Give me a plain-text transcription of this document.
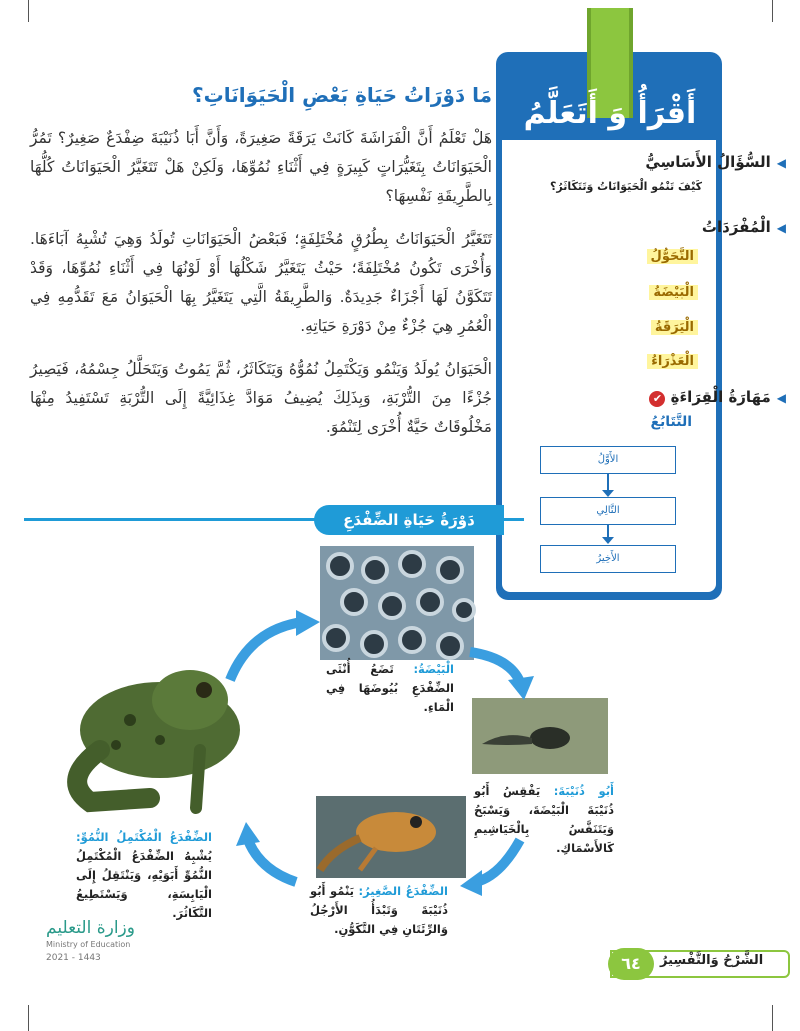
مَا دَوْرَاتُ حَيَاةِ بَعْضِ الْحَيَوَانَاتِ؟

هَلْ تَعْلَمُ أَنَّ الْفَرَاشَةَ كَانَتْ يَرَقَةً صَغِيرَةً، وَأَنَّ أَبَا ذُنَيْبَةَ ضِفْدَعٌ صَغِيرٌ؟ تَمُرُّ الْحَيَوَانَاتُ بِتَغَيُّرَاتٍ كَبِيرَةٍ فِي أَثْنَاءِ نُمُوِّهَا، وَلَكِنْ هَلْ تَتَغَيَّرُ الْحَيَوَانَاتُ كُلُّهَا بِالطَّرِيقَةِ نَفْسِهَا؟

تَتَغَيَّرُ الْحَيَوَانَاتُ بِطُرُقٍ مُخْتَلِفَةٍ؛ فَبَعْضُ الْحَيَوَانَاتِ تُولَدُ وَهِيَ تُشْبِهُ آبَاءَهَا. وَأُخْرَى تَكُونُ مُخْتَلِفَةً؛ حَيْثُ يَتَغَيَّرُ شَكْلُهَا أَوْ لَوْنُهَا فِي أَثْنَاءِ نُمُوِّهَا، وَقَدْ تَتَكَوَّنُ لَهَا أَجْزَاءٌ جَدِيدَةٌ. وَالطَّرِيقَةُ الَّتِي يَتَغَيَّرُ بِهَا الْحَيَوَانُ مَعَ تَقَدُّمِهِ فِي الْعُمُرِ هِيَ جُزْءٌ مِنْ دَوْرَةِ حَيَاتِهِ.

الْحَيَوَانُ يُولَدُ وَيَنْمُو وَيَكْتَمِلُ نُمُوُّهُ وَيَتَكَاثَرُ، ثُمَّ يَمُوتُ وَيَتَحَلَّلُ جِسْمُهُ، فَيَصِيرُ جُزْءًا مِنَ التُّرْبَةِ، وَبِذَلِكَ يُضِيفُ مَوَادَّ غِذَائِيَّةً إِلَى التُّرْبَةِ تَسْتَفِيدُ مِنْهَا مَخْلُوقَاتٌ حَيَّةٌ أُخْرَى لِتَنْمُوَ.

أَقْرَأُ وَ أَتَعَلَّمُ
◀السُّؤَالُ الأَسَاسِيُّ
كَيْفَ تَنْمُو الْحَيَوَانَاتُ وَتَتَكَاثَرُ؟
◀الْمُفْرَدَاتُ
التَّحَوُّلُ
الْبَيْضَةُ
الْيَرَقَةُ
الْعَذْرَاءُ
◀مَهَارَةُ الْقِرَاءَةِ ✔
التَّتَابُعُ
الأَوَّلُ
التَّالِي
الأَخِيرُ
دَوْرَةُ حَيَاةِ الضِّفْدَعِ
الْبَيْضَةُ: تَضَعُ أُنْثَى الضِّفْدَعِ بُيُوضَهَا فِي الْمَاءِ.
أَبُو ذُنَيْبَةَ: يَفْقِسُ أَبُو ذُنَيْبَةَ الْبَيْضَةَ، وَيَسْبَحُ وَيَتَنَفَّسُ بِالْخَيَاشِيمِ كَالأَسْمَاكِ.
الضِّفْدَعُ الصَّغِيرُ: يَنْمُو أَبُو ذُنَيْبَةَ وَتَبْدَأُ الأَرْجُلُ وَالرِّئَتَانِ فِي التَّكَوُّنِ.
الضِّفْدَعُ الْمُكْتَمِلُ النُّمُوِّ: يُشْبِهُ الضِّفْدَعُ الْمُكْتَمِلُ النُّمُوِّ أَبَوَيْهِ، وَيَنْتَقِلُ إِلَى الْيَابِسَةِ، وَيَسْتَطِيعُ التَّكَاثُرَ.
وزارة التعليم
Ministry of Education
2021 - 1443	الشَّرْحُ وَالتَّفْسِيرُ
٦٤
